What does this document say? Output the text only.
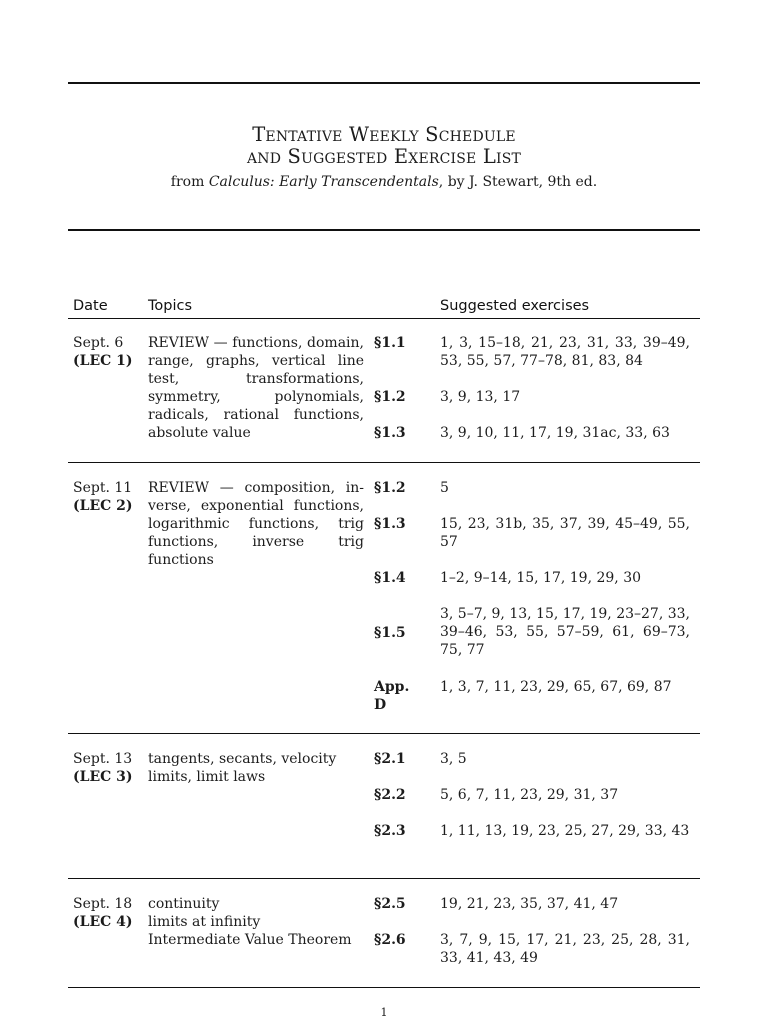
Tentative Weekly Schedule
and Suggested Exercise List
from Calculus: Early Transcendentals, by J. Stewart, 9th ed.
Date	Topics	Suggested exercises
Sept. 6
(LEC 1)
REVIEW — functions, domain, range, graphs, vertical line test, transformations, symmetry, polynomials, radicals, rational functions, absolute value
§1.1 1, 3, 15–18, 21, 23, 31, 33, 39–49, 53, 55, 57, 77–78, 81, 83, 84
§1.2 3, 9, 13, 17
§1.3 3, 9, 10, 11, 17, 19, 31ac, 33, 63
Sept. 11
(LEC 2)
REVIEW — composition, inverse, exponential functions, logarithmic functions, trig functions, inverse trig functions
§1.2 5
§1.3 15, 23, 31b, 35, 37, 39, 45–49, 55, 57
§1.4 1–2, 9–14, 15, 17, 19, 29, 30
§1.5
3, 5–7, 9, 13, 15, 17, 19, 23–27, 33, 39–46, 53, 55, 57–59, 61, 69–73, 75, 77
App. D
1, 3, 7, 11, 23, 29, 65, 67, 69, 87
Sept. 13
(LEC 3)
tangents, secants, velocity
limits, limit laws
§2.1 3, 5
§2.2 5, 6, 7, 11, 23, 29, 31, 37
§2.3 1, 11, 13, 19, 23, 25, 27, 29, 33, 43
Sept. 18
(LEC 4)
continuity
limits at infinity
Intermediate Value Theorem
§2.5 19, 21, 23, 35, 37, 41, 47
§2.6 3, 7, 9, 15, 17, 21, 23, 25, 28, 31, 33, 41, 43, 49
1
